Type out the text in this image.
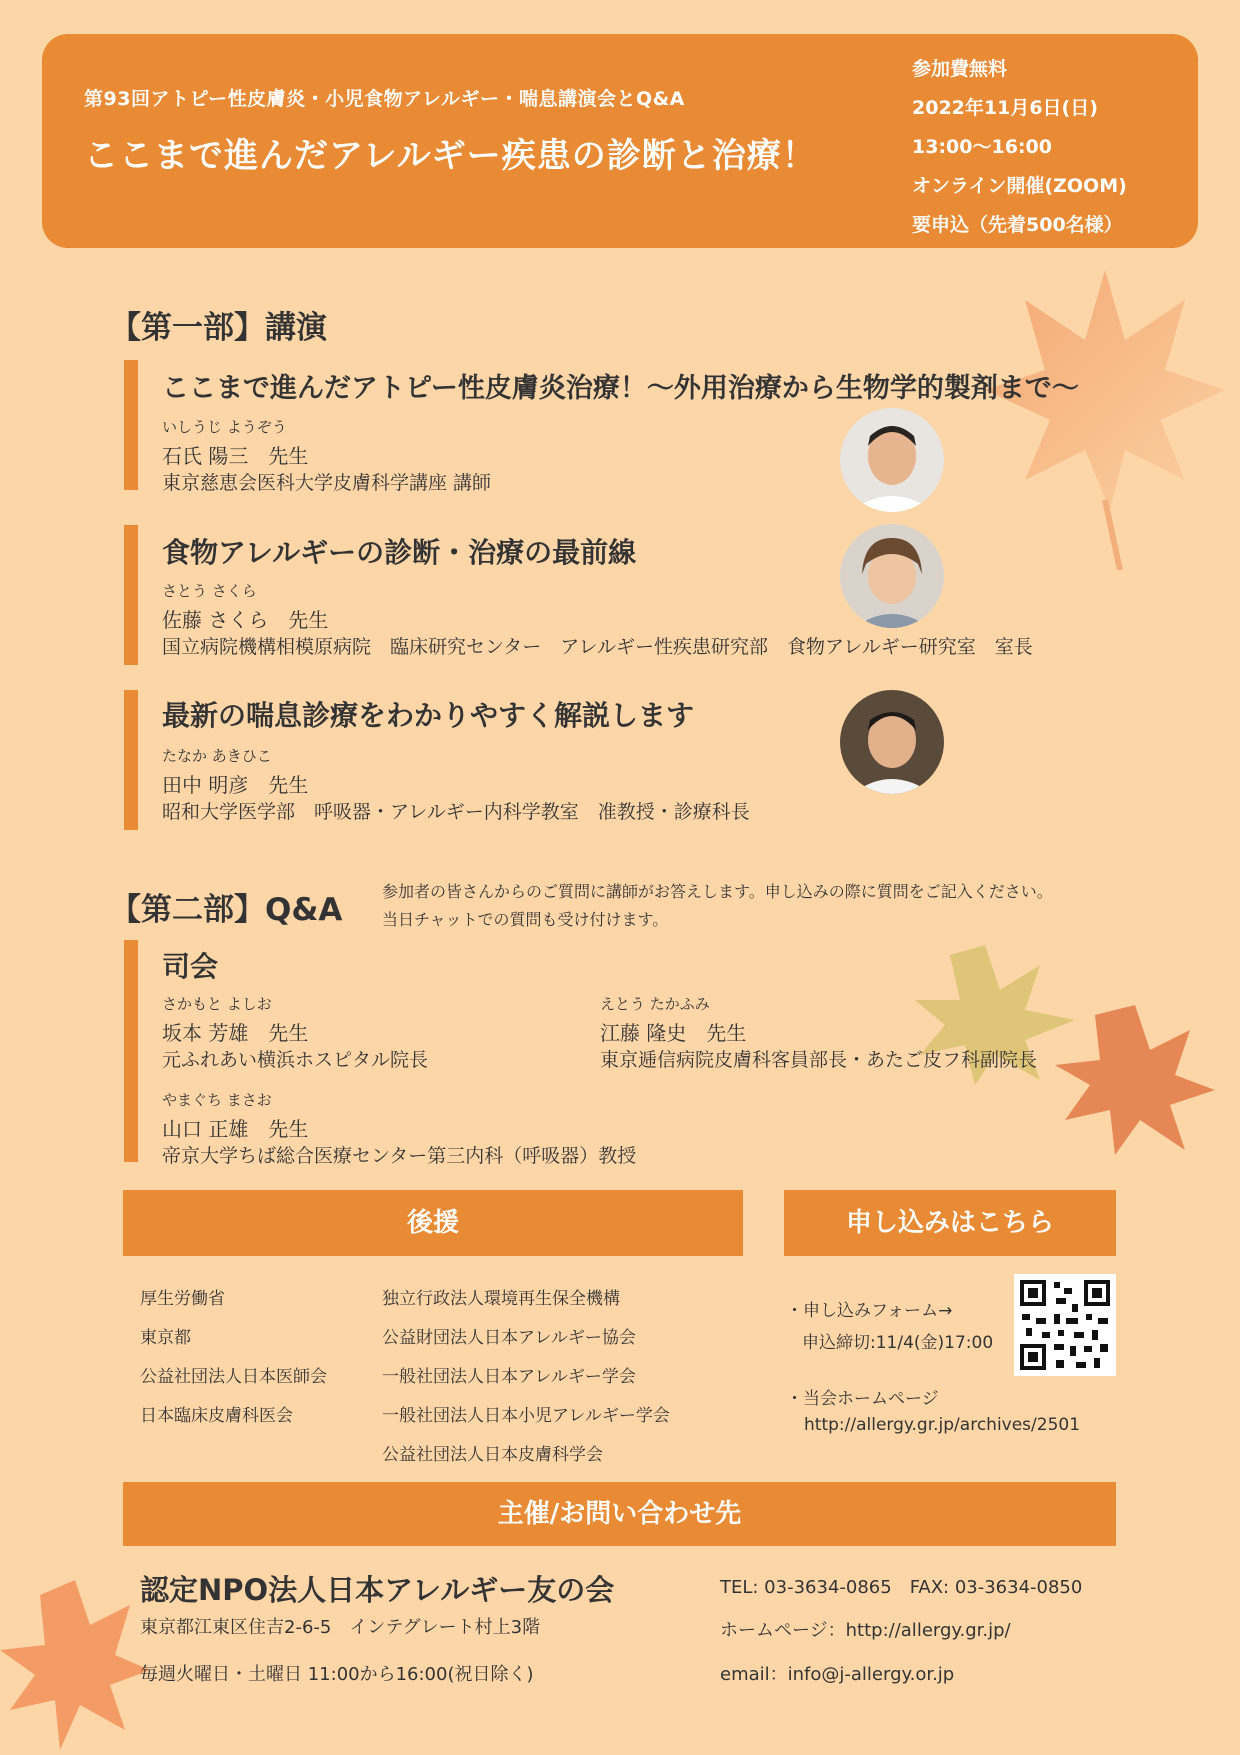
第93回アトピー性皮膚炎・小児食物アレルギー・喘息講演会とQ&A
ここまで進んだアレルギー疾患の診断と治療！
参加費無料
2022年11月6日(日)
13:00〜16:00
オンライン開催(ZOOM)
要申込（先着500名様）
【第一部】講演
ここまで進んだアトピー性皮膚炎治療！〜外用治療から生物学的製剤まで〜
いしうじ ようぞう
石氏 陽三　先生
東京慈恵会医科大学皮膚科学講座 講師
食物アレルギーの診断・治療の最前線
さとう さくら
佐藤 さくら　先生
国立病院機構相模原病院　臨床研究センター　アレルギー性疾患研究部　食物アレルギー研究室　室長
最新の喘息診療をわかりやすく解説します
たなか あきひこ
田中 明彦　先生
昭和大学医学部　呼吸器・アレルギー内科学教室　准教授・診療科長
【第二部】Q&A
参加者の皆さんからのご質問に講師がお答えします。申し込みの際に質問をご記入ください。
当日チャットでの質問も受け付けます。
司会
さかもと よしお
坂本 芳雄　先生
元ふれあい横浜ホスピタル院長
えとう たかふみ
江藤 隆史　先生
東京逓信病院皮膚科客員部長・あたご皮フ科副院長
やまぐち まさお
山口 正雄　先生
帝京大学ちば総合医療センター第三内科（呼吸器）教授
後援
厚生労働省
東京都
公益社団法人日本医師会
日本臨床皮膚科医会
独立行政法人環境再生保全機構
公益財団法人日本アレルギー協会
一般社団法人日本アレルギー学会
一般社団法人日本小児アレルギー学会
公益社団法人日本皮膚科学会
申し込みはこちら
・申し込みフォーム→
申込締切:11/4(金)17:00
・当会ホームページ
http://allergy.gr.jp/archives/2501
主催/お問い合わせ先
認定NPO法人日本アレルギー友の会
東京都江東区住吉2-6-5　インテグレート村上3階
毎週火曜日・土曜日 11:00から16:00(祝日除く)
TEL: 03-3634-0865　FAX: 03-3634-0850
ホームページ：http://allergy.gr.jp/
email：info@j-allergy.or.jp
